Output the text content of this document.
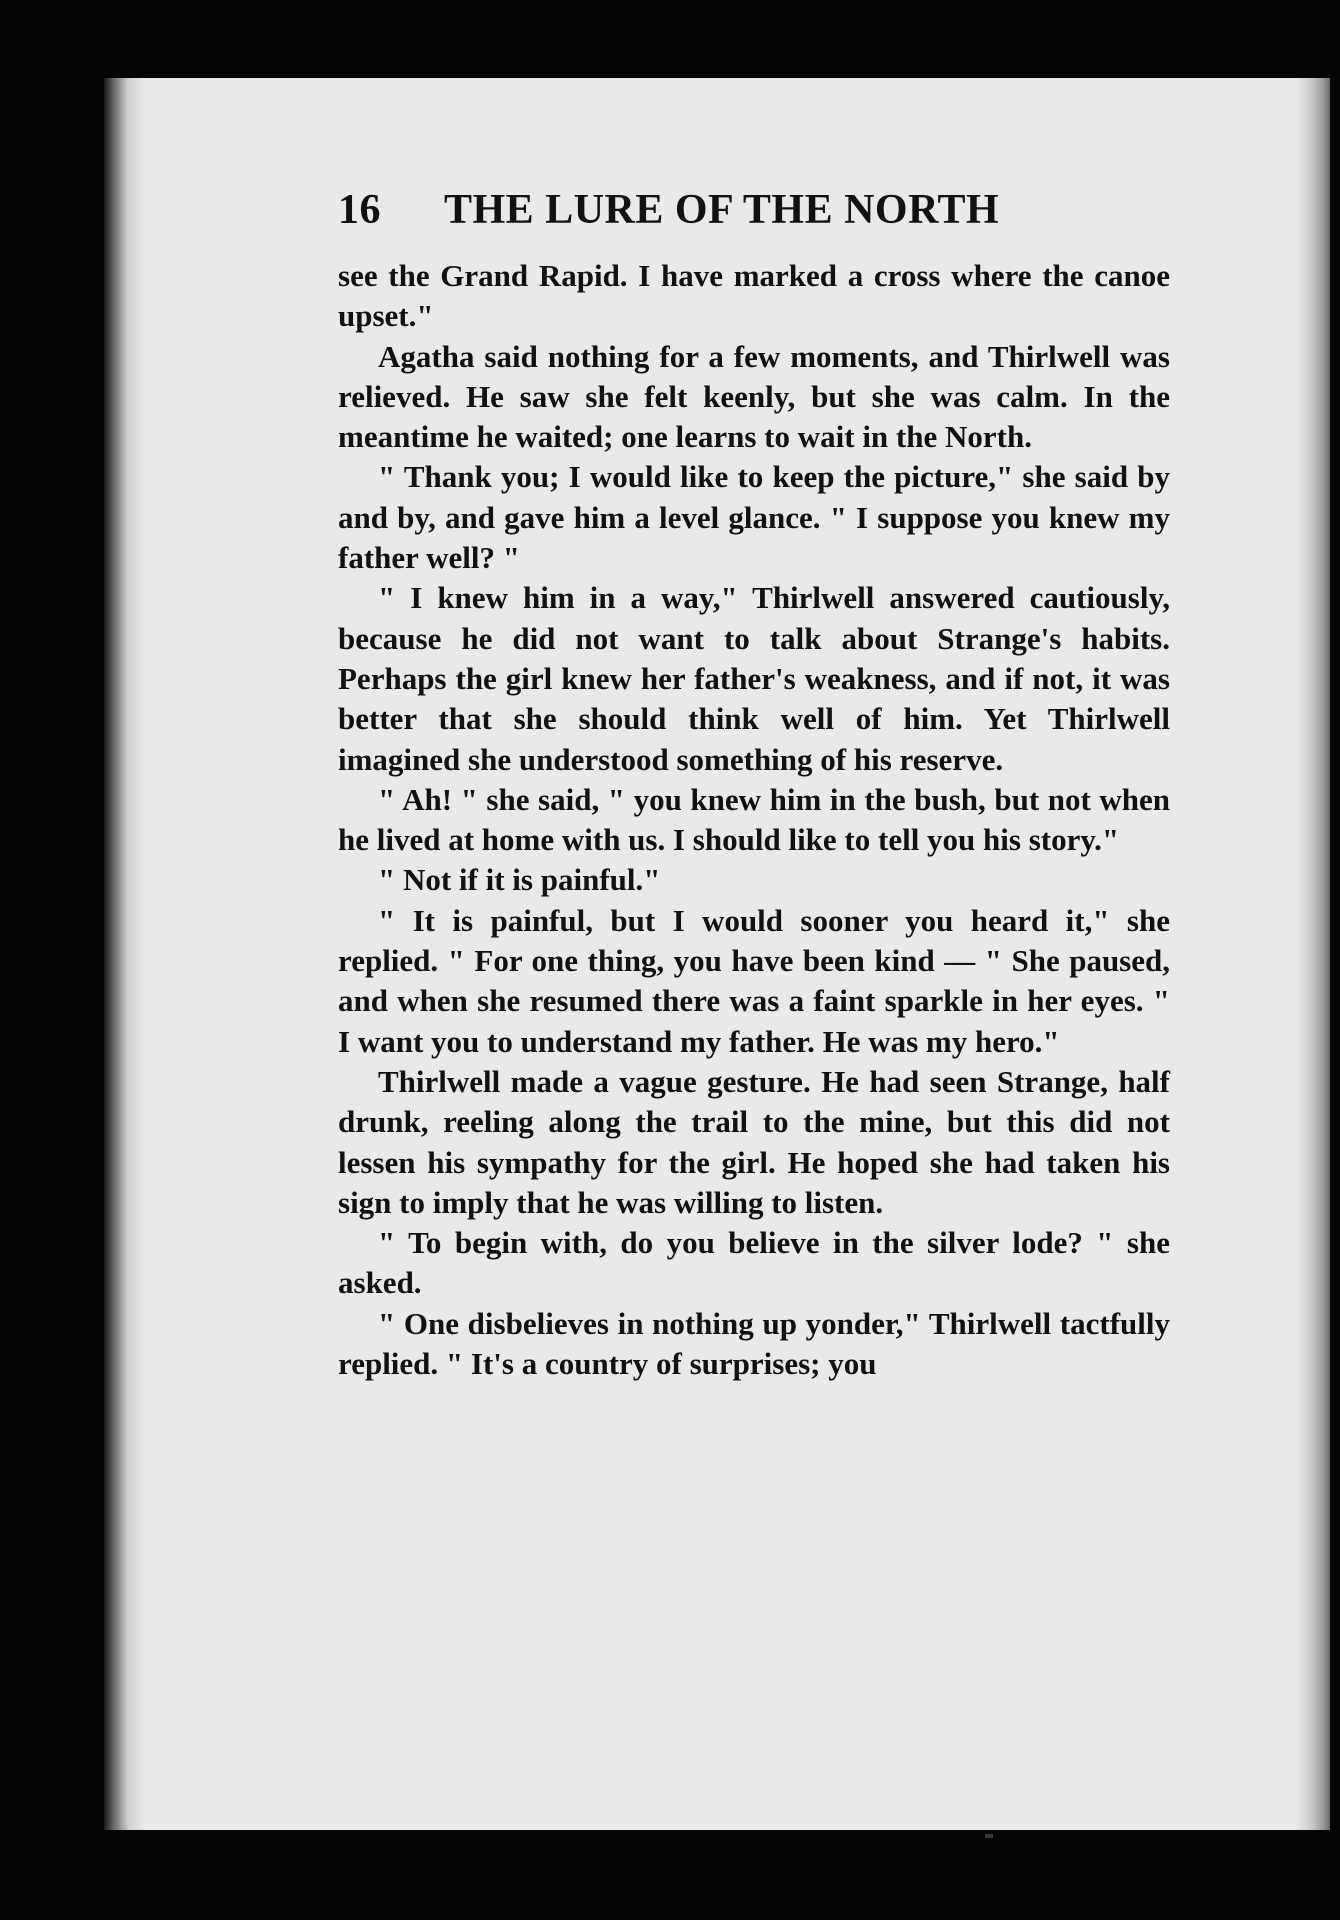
16 THE LURE OF THE NORTH

see the Grand Rapid. I have marked a cross where the canoe upset."

Agatha said nothing for a few moments, and Thirlwell was relieved. He saw she felt keenly, but she was calm. In the meantime he waited; one learns to wait in the North.

" Thank you; I would like to keep the picture," she said by and by, and gave him a level glance. " I suppose you knew my father well? "

" I knew him in a way," Thirlwell answered cautiously, because he did not want to talk about Strange's habits. Perhaps the girl knew her father's weakness, and if not, it was better that she should think well of him. Yet Thirlwell imagined she understood something of his reserve.

" Ah! " she said, " you knew him in the bush, but not when he lived at home with us. I should like to tell you his story."

" Not if it is painful."

" It is painful, but I would sooner you heard it," she replied. " For one thing, you have been kind — " She paused, and when she resumed there was a faint sparkle in her eyes. " I want you to understand my father. He was my hero."

Thirlwell made a vague gesture. He had seen Strange, half drunk, reeling along the trail to the mine, but this did not lessen his sympathy for the girl. He hoped she had taken his sign to imply that he was willing to listen.

" To begin with, do you believe in the silver lode? " she asked.

" One disbelieves in nothing up yonder," Thirlwell tactfully replied. " It's a country of surprises; you
